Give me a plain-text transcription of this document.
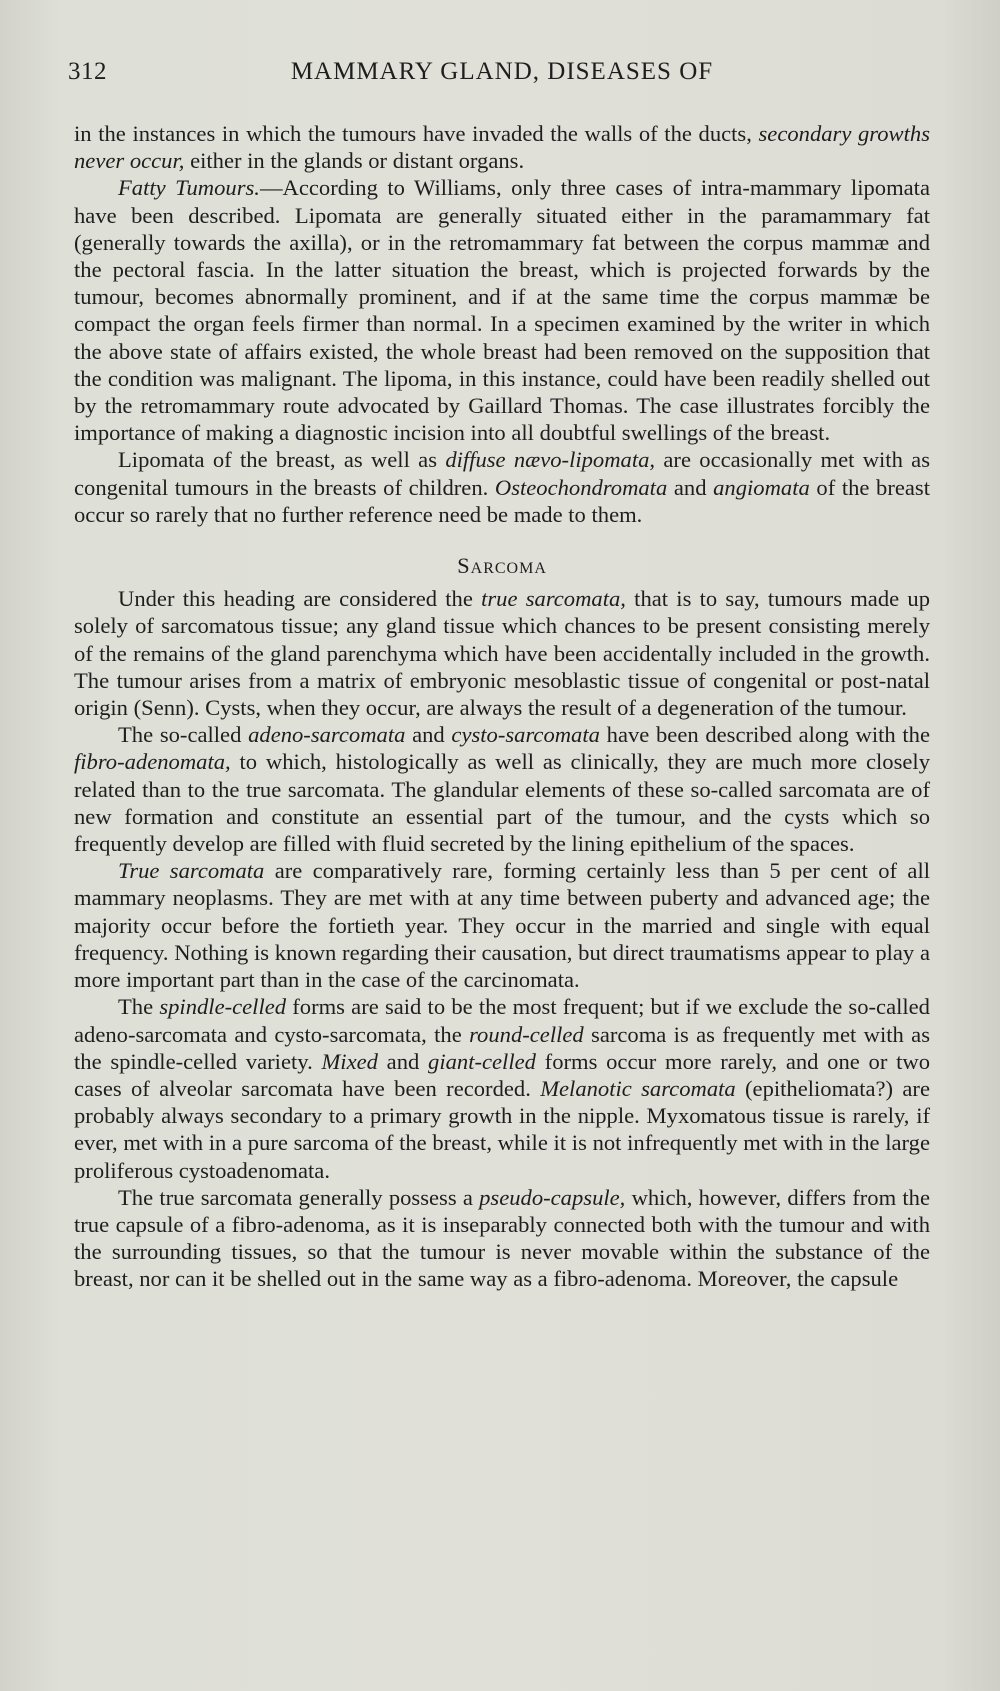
312	MAMMARY GLAND, DISEASES OF

in the instances in which the tumours have invaded the walls of the ducts, secondary growths never occur, either in the glands or distant organs.

Fatty Tumours.—According to Williams, only three cases of intra-mammary lipomata have been described. Lipomata are generally situated either in the paramammary fat (generally towards the axilla), or in the retromammary fat between the corpus mammæ and the pectoral fascia. In the latter situation the breast, which is projected forwards by the tumour, becomes abnormally prominent, and if at the same time the corpus mammæ be compact the organ feels firmer than normal. In a specimen examined by the writer in which the above state of affairs existed, the whole breast had been removed on the supposition that the condition was malignant. The lipoma, in this instance, could have been readily shelled out by the retromammary route advocated by Gaillard Thomas. The case illustrates forcibly the importance of making a diagnostic incision into all doubtful swellings of the breast.

Lipomata of the breast, as well as diffuse nævo-lipomata, are occasionally met with as congenital tumours in the breasts of children. Osteochondromata and angiomata of the breast occur so rarely that no further reference need be made to them.

Sarcoma

Under this heading are considered the true sarcomata, that is to say, tumours made up solely of sarcomatous tissue; any gland tissue which chances to be present consisting merely of the remains of the gland parenchyma which have been accidentally included in the growth. The tumour arises from a matrix of embryonic mesoblastic tissue of congenital or post-natal origin (Senn). Cysts, when they occur, are always the result of a degeneration of the tumour.

The so-called adeno-sarcomata and cysto-sarcomata have been described along with the fibro-adenomata, to which, histologically as well as clinically, they are much more closely related than to the true sarcomata. The glandular elements of these so-called sarcomata are of new formation and constitute an essential part of the tumour, and the cysts which so frequently develop are filled with fluid secreted by the lining epithelium of the spaces.

True sarcomata are comparatively rare, forming certainly less than 5 per cent of all mammary neoplasms. They are met with at any time between puberty and advanced age; the majority occur before the fortieth year. They occur in the married and single with equal frequency. Nothing is known regarding their causation, but direct traumatisms appear to play a more important part than in the case of the carcinomata.

The spindle-celled forms are said to be the most frequent; but if we exclude the so-called adeno-sarcomata and cysto-sarcomata, the round-celled sarcoma is as frequently met with as the spindle-celled variety. Mixed and giant-celled forms occur more rarely, and one or two cases of alveolar sarcomata have been recorded. Melanotic sarcomata (epitheliomata?) are probably always secondary to a primary growth in the nipple. Myxomatous tissue is rarely, if ever, met with in a pure sarcoma of the breast, while it is not infrequently met with in the large proliferous cystoadenomata.

The true sarcomata generally possess a pseudo-capsule, which, however, differs from the true capsule of a fibro-adenoma, as it is inseparably connected both with the tumour and with the surrounding tissues, so that the tumour is never movable within the substance of the breast, nor can it be shelled out in the same way as a fibro-adenoma. Moreover, the capsule
